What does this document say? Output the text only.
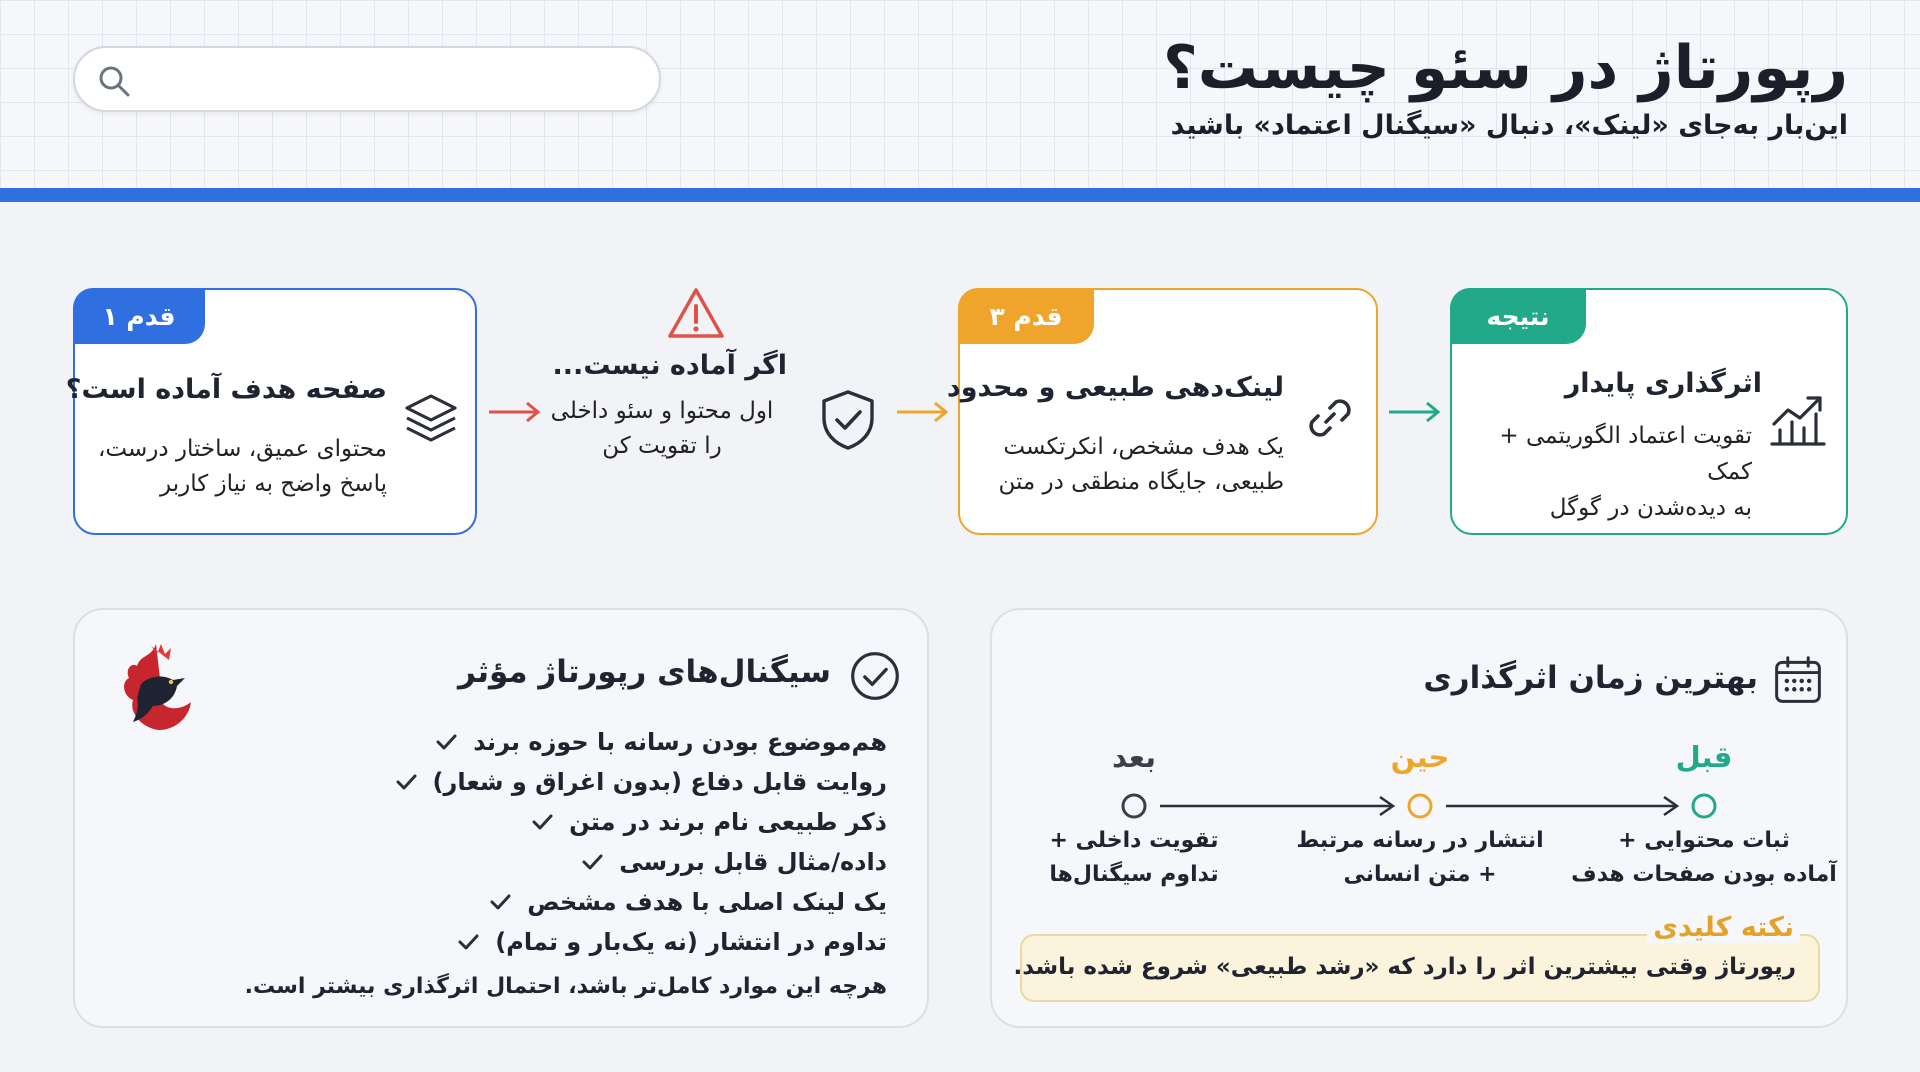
رپورتاژ در سئو چیست؟
این‌بار به‌جای «لینک»، دنبال «سیگنال اعتماد» باشید
قدم ۱
صفحه هدف آماده است؟
محتوای عمیق، ساختار درست،
پاسخ واضح به نیاز کاربر
اگر آماده نیست...
اول محتوا و سئو داخلی
را تقویت کن
قدم ۳
لینک‌دهی طبیعی و محدود
یک هدف مشخص، انکرتکست
طبیعی، جایگاه منطقی در متن
نتیجه
اثرگذاری پایدار
تقویت اعتماد الگوریتمی + کمک
به دیده‌شدن در گوگل
سیگنال‌های رپورتاژ مؤثر
هم‌موضوع بودن رسانه با حوزه برند
روایت قابل دفاع (بدون اغراق و شعار)
ذکر طبیعی نام برند در متن
داده/مثال قابل بررسی
یک لینک اصلی با هدف مشخص
تداوم در انتشار (نه یک‌بار و تمام)
هرچه این موارد کامل‌تر باشد، احتمال اثرگذاری بیشتر است.
بهترین زمان اثرگذاری
قبل
حین
بعد
ثبات محتوایی +
آماده بودن صفحات هدف
انتشار در رسانه مرتبط
+ متن انسانی
تقویت داخلی +
تداوم سیگنال‌ها
نکته کلیدی
رپورتاژ وقتی بیشترین اثر را دارد که «رشد طبیعی» شروع شده باشد.
